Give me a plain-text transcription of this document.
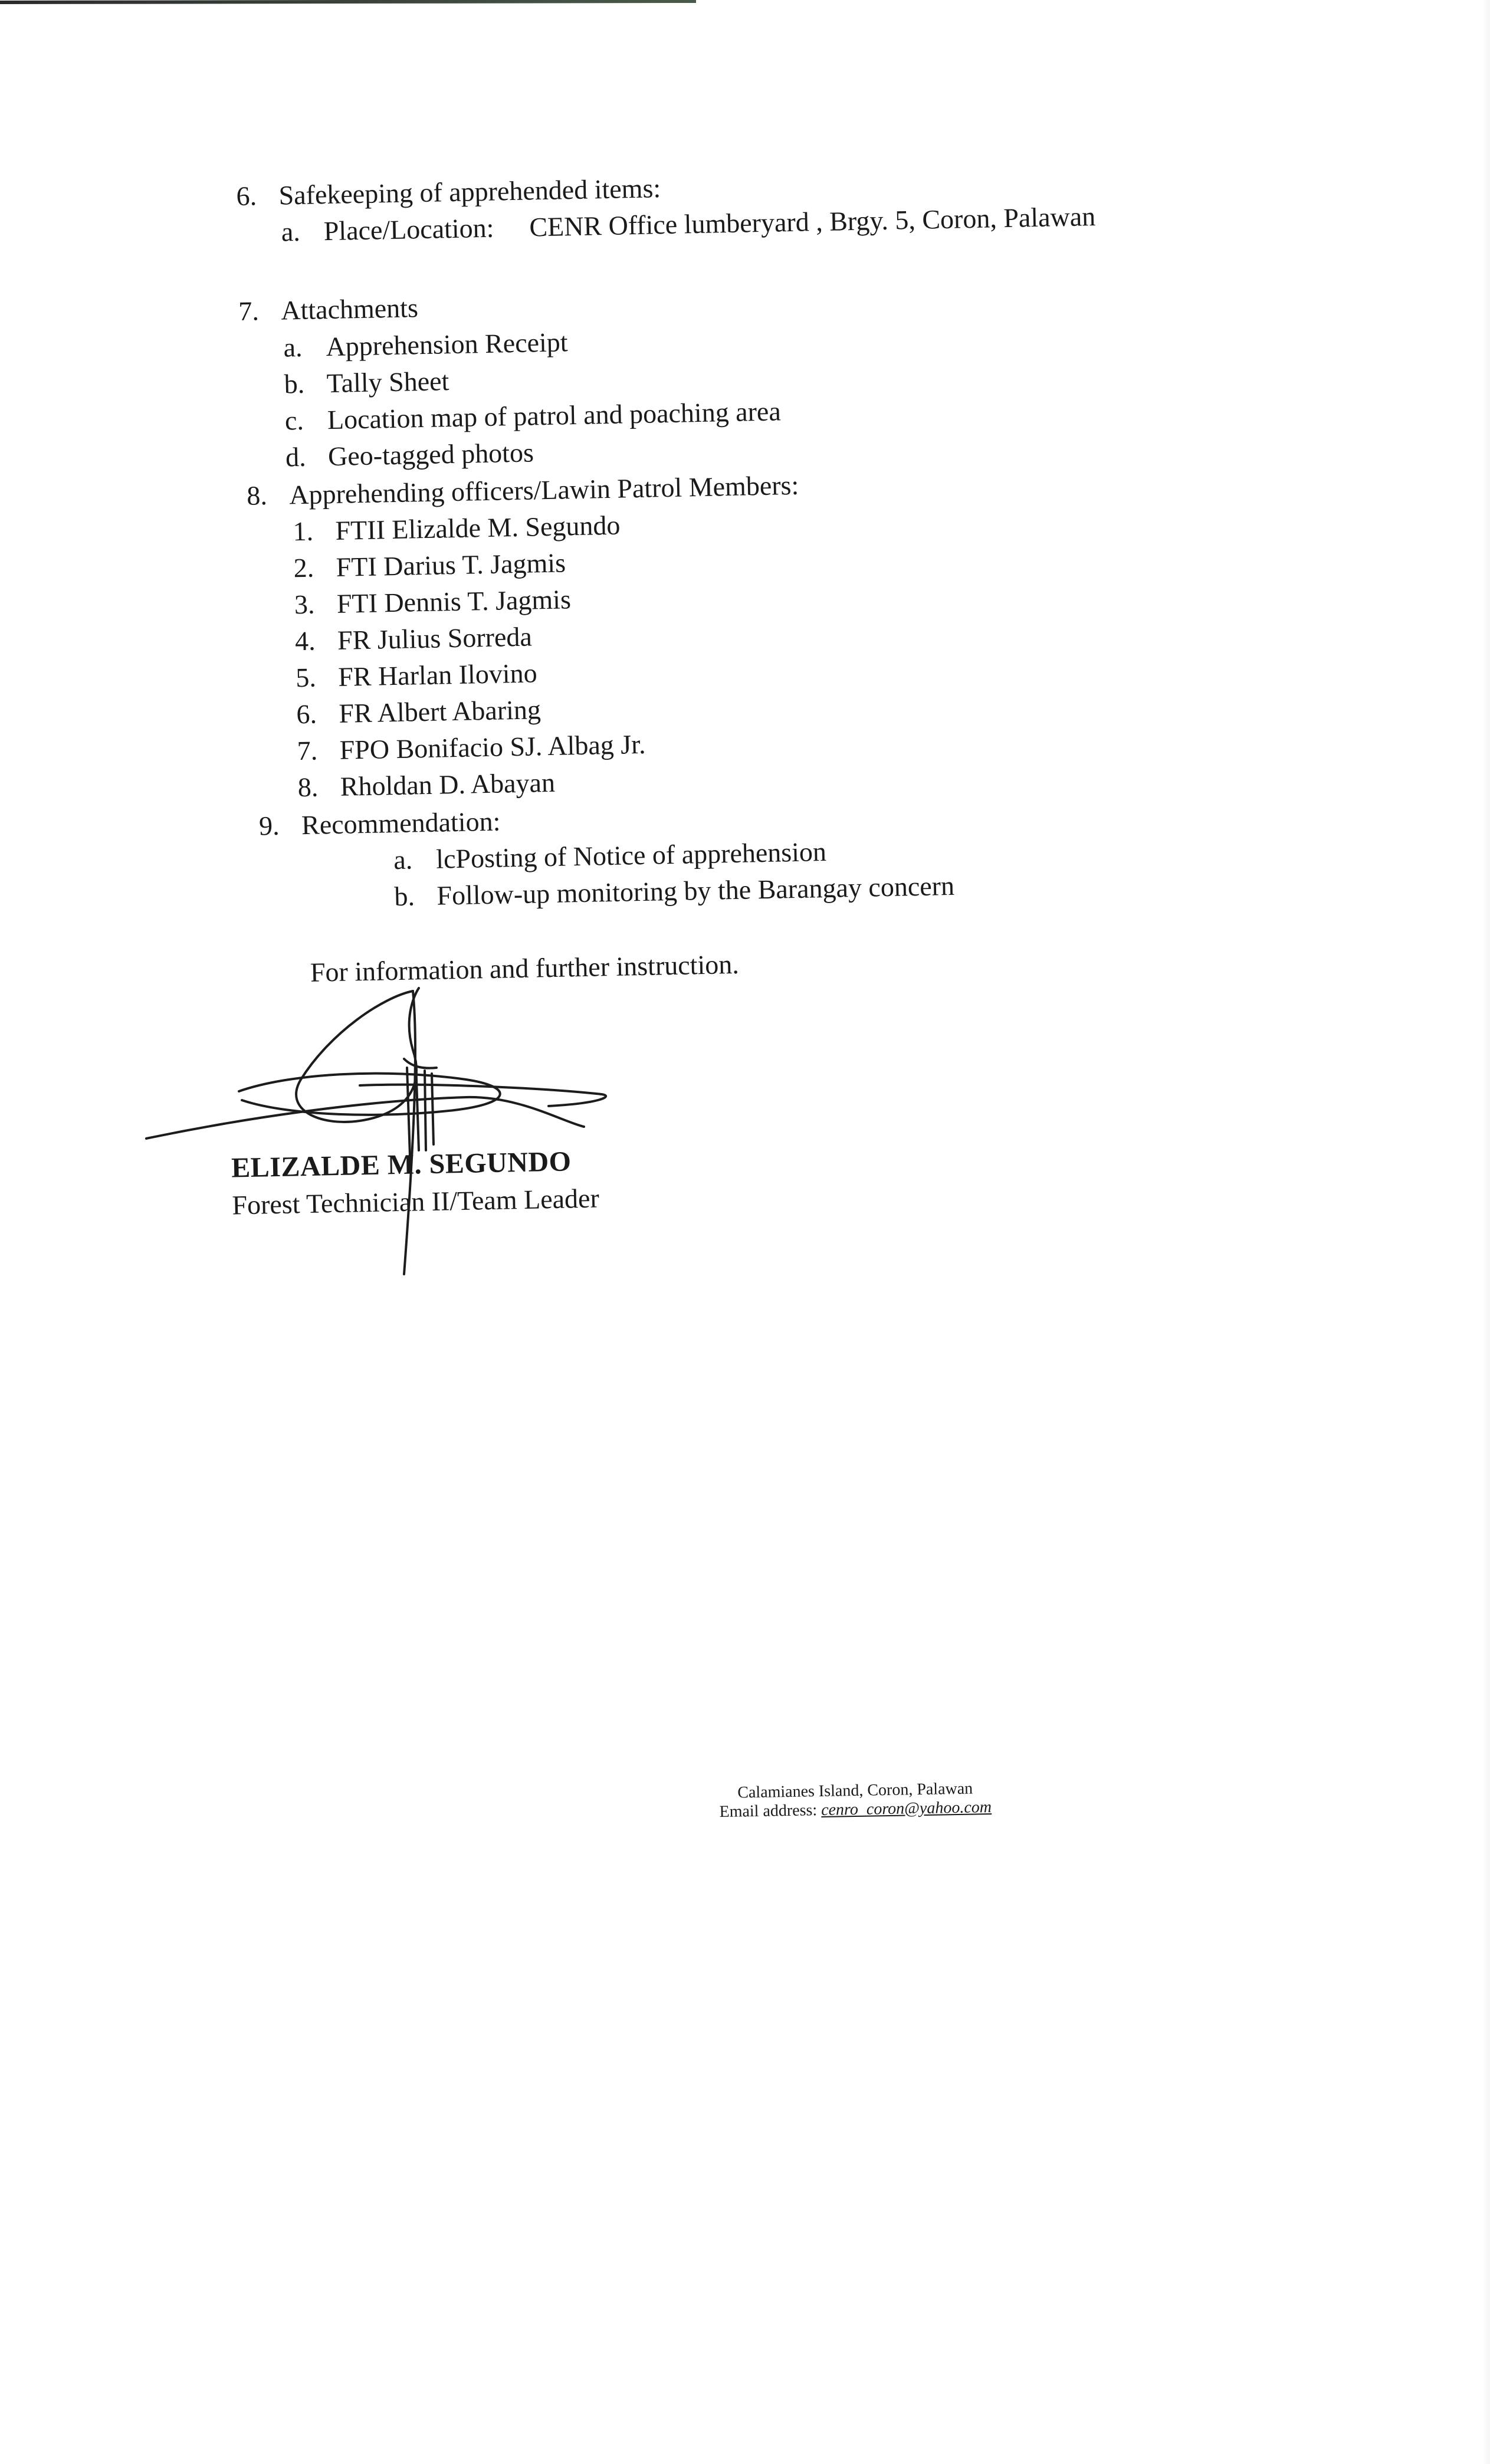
6. Safekeeping of apprehended items:
a. Place/Location: CENR Office lumberyard , Brgy. 5, Coron, Palawan
7. Attachments
a. Apprehension Receipt
b. Tally Sheet
c. Location map of patrol and poaching area
d. Geo-tagged photos
8. Apprehending officers/Lawin Patrol Members:
1. FTII Elizalde M. Segundo
2. FTI Darius T. Jagmis
3. FTI Dennis T. Jagmis
4. FR Julius Sorreda
5. FR Harlan Ilovino
6. FR Albert Abaring
7. FPO Bonifacio SJ. Albag Jr.
8. Rholdan D. Abayan
9. Recommendation:
a. lcPosting of Notice of apprehension
b. Follow-up monitoring by the Barangay concern
For information and further instruction.
ELIZALDE M. SEGUNDO
Forest Technician II/Team Leader
Calamianes Island, Coron, Palawan
Email address: cenro_coron@yahoo.com
